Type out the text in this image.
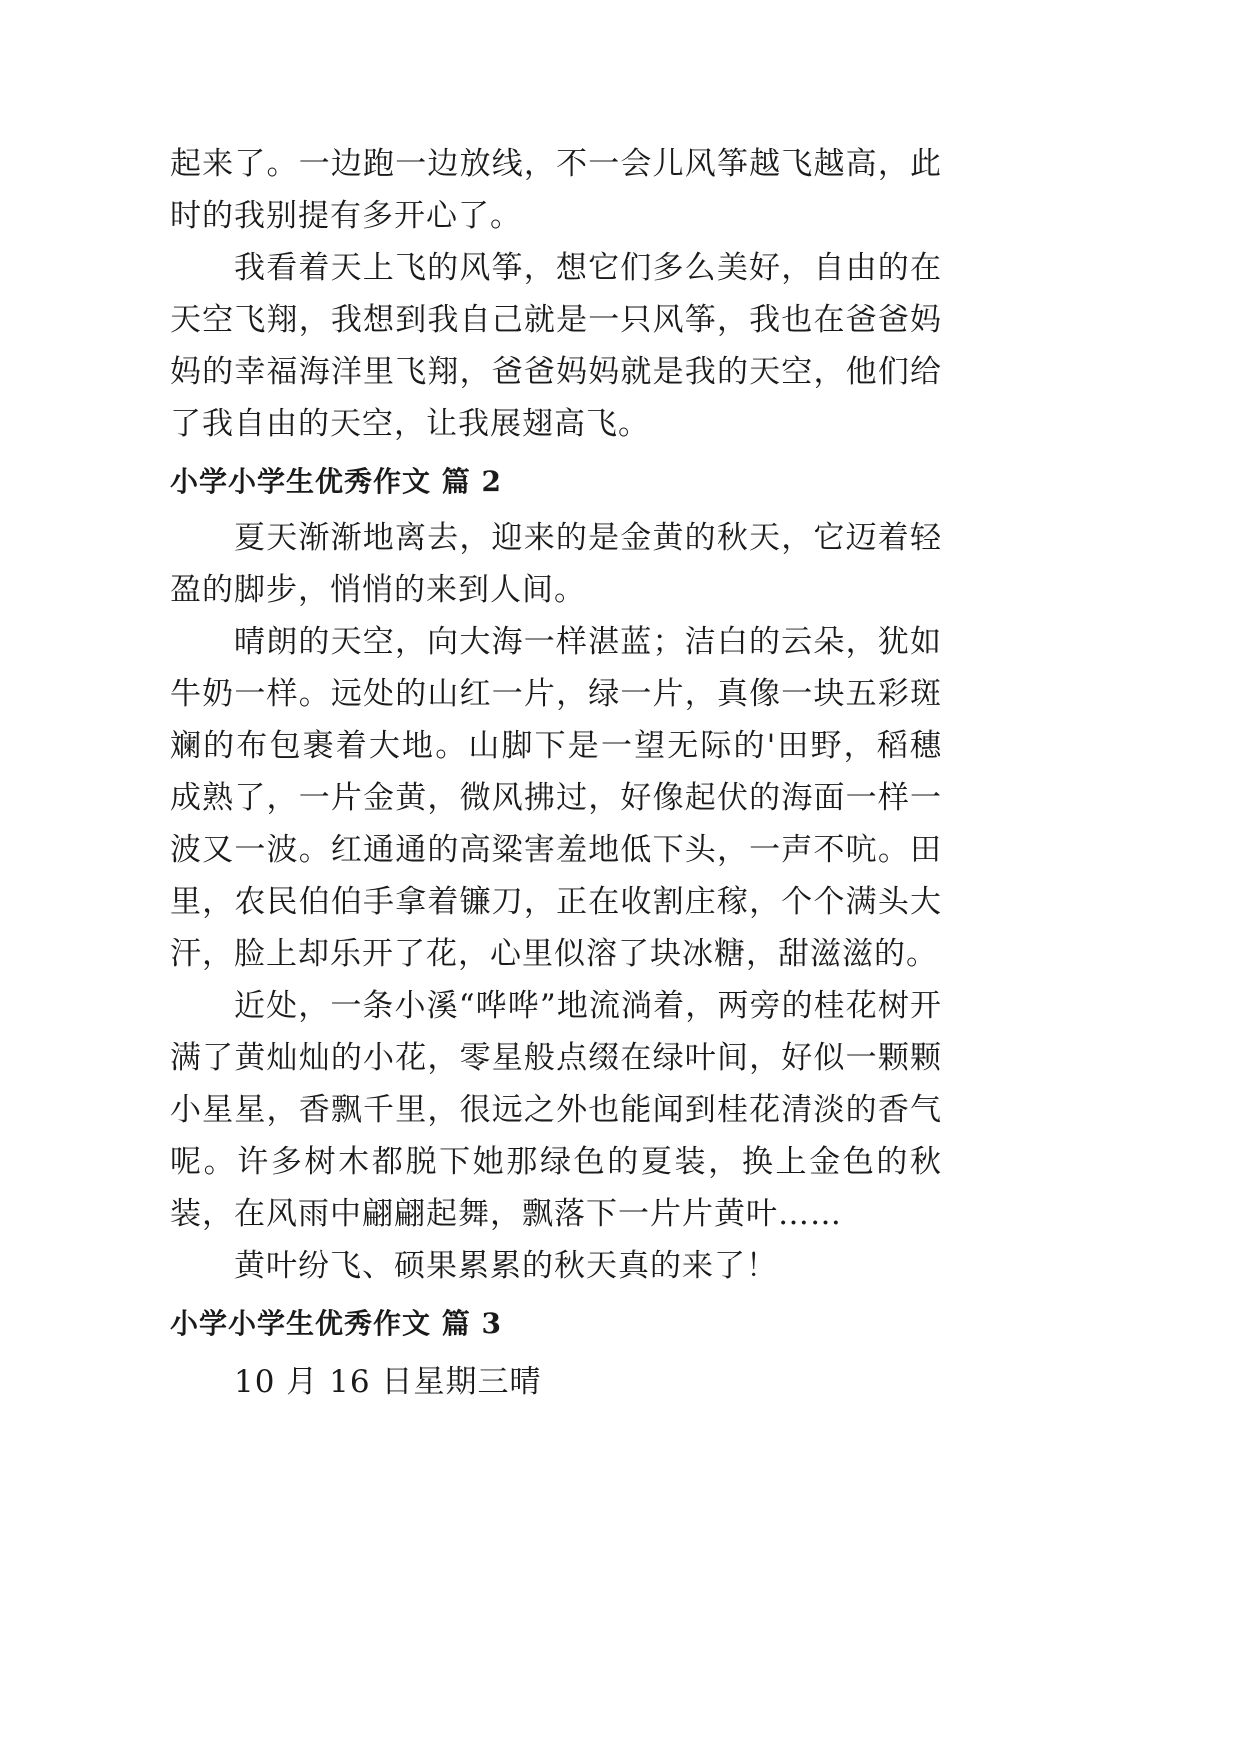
起来了。一边跑一边放线，不一会儿风筝越飞越高，此时的我别提有多开心了。

我看着天上飞的风筝，想它们多么美好，自由的在天空飞翔，我想到我自己就是一只风筝，我也在爸爸妈妈的幸福海洋里飞翔，爸爸妈妈就是我的天空，他们给了我自由的天空，让我展翅高飞。

小学小学生优秀作文 篇 2

夏天渐渐地离去，迎来的是金黄的秋天，它迈着轻盈的脚步，悄悄的来到人间。

晴朗的天空，向大海一样湛蓝；洁白的云朵，犹如牛奶一样。远处的山红一片，绿一片，真像一块五彩斑斓的布包裹着大地。山脚下是一望无际的'田野，稻穗成熟了，一片金黄，微风拂过，好像起伏的海面一样一波又一波。红通通的高粱害羞地低下头，一声不吭。田里，农民伯伯手拿着镰刀，正在收割庄稼，个个满头大汗，脸上却乐开了花，心里似溶了块冰糖，甜滋滋的。

近处，一条小溪“哗哗”地流淌着，两旁的桂花树开满了黄灿灿的小花，零星般点缀在绿叶间，好似一颗颗小星星，香飘千里，很远之外也能闻到桂花清淡的香气呢。许多树木都脱下她那绿色的夏装，换上金色的秋装，在风雨中翩翩起舞，飘落下一片片黄叶……

黄叶纷飞、硕果累累的秋天真的来了！

小学小学生优秀作文 篇 3

10 月 16 日星期三晴
